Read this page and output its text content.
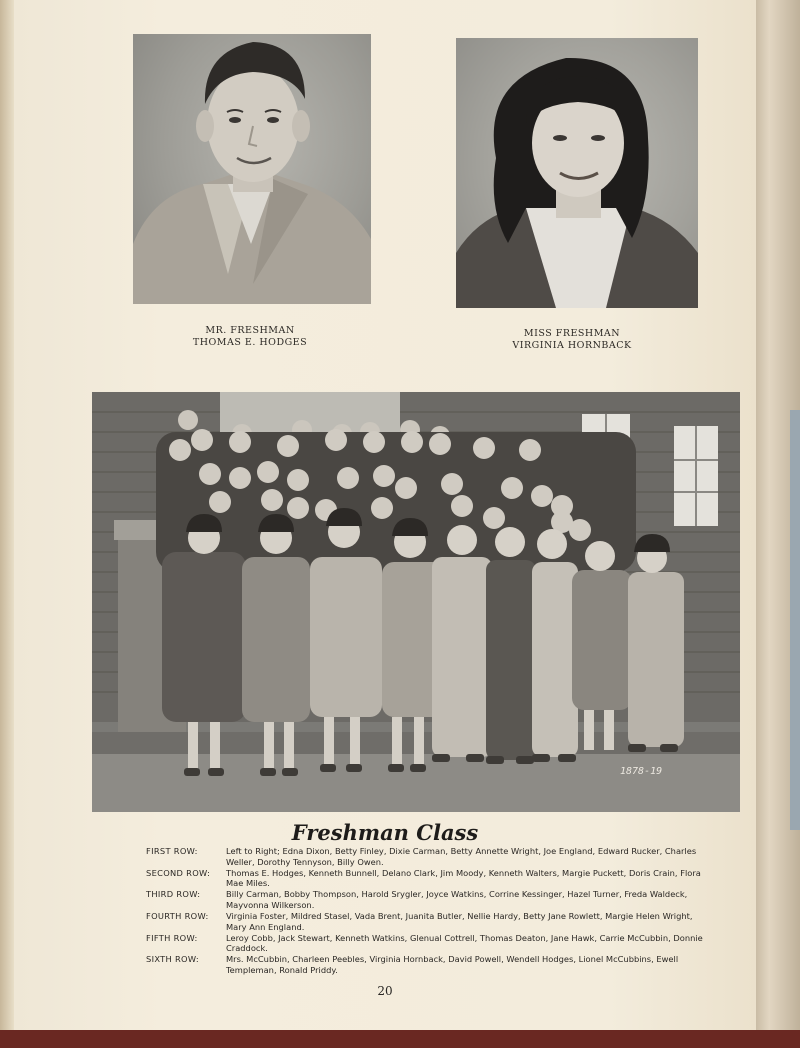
MR. FRESHMAN
THOMAS E. HODGES
MISS FRESHMAN
VIRGINIA HORNBACK
1878-19
Freshman Class
FIRST ROW:	Left to Right; Edna Dixon, Betty Finley, Dixie Carman, Betty Annette Wright, Joe England, Edward Rucker, Charles Weller, Dorothy Tennyson, Billy Owen.
SECOND ROW:	Thomas E. Hodges, Kenneth Bunnell, Delano Clark, Jim Moody, Kenneth Walters, Margie Puckett, Doris Crain, Flora Mae Miles.
THIRD ROW:	Billy Carman, Bobby Thompson, Harold Srygler, Joyce Watkins, Corrine Kessinger, Hazel Turner, Freda Waldeck, Mayvonna Wilkerson.
FOURTH ROW:	Virginia Foster, Mildred Stasel, Vada Brent, Juanita Butler, Nellie Hardy, Betty Jane Rowlett, Margie Helen Wright, Mary Ann England.
FIFTH ROW:	Leroy Cobb, Jack Stewart, Kenneth Watkins, Glenual Cottrell, Thomas Deaton, Jane Hawk, Carrie McCubbin, Donnie Craddock.
SIXTH ROW:	Mrs. McCubbin, Charleen Peebles, Virginia Hornback, David Powell, Wendell Hodges, Lionel McCubbins, Ewell Templeman, Ronald Priddy.
20
